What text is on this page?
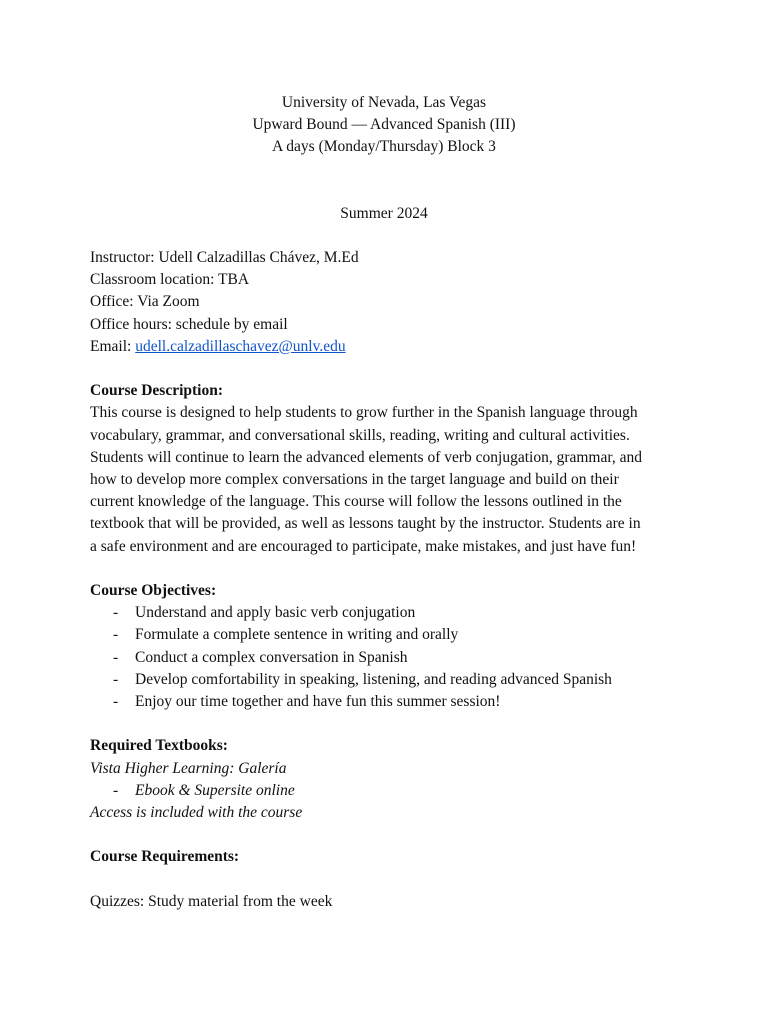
University of Nevada, Las Vegas
Upward Bound — Advanced Spanish (III)
A days (Monday/Thursday) Block 3
Summer 2024
Instructor: Udell Calzadillas Chávez, M.Ed
Classroom location: TBA
Office: Via Zoom
Office hours: schedule by email
Email: udell.calzadillaschavez@unlv.edu
Course Description:
This course is designed to help students to grow further in the Spanish language through
vocabulary, grammar, and conversational skills, reading, writing and cultural activities.
Students will continue to learn the advanced elements of verb conjugation, grammar, and
how to develop more complex conversations in the target language and build on their
current knowledge of the language. This course will follow the lessons outlined in the
textbook that will be provided, as well as lessons taught by the instructor. Students are in
a safe environment and are encouraged to participate, make mistakes, and just have fun!
Course Objectives:
- Understand and apply basic verb conjugation
- Formulate a complete sentence in writing and orally
- Conduct a complex conversation in Spanish
- Develop comfortability in speaking, listening, and reading advanced Spanish
- Enjoy our time together and have fun this summer session!
Required Textbooks:
Vista Higher Learning: Galería
- Ebook & Supersite online
Access is included with the course
Course Requirements:
Quizzes: Study material from the week
